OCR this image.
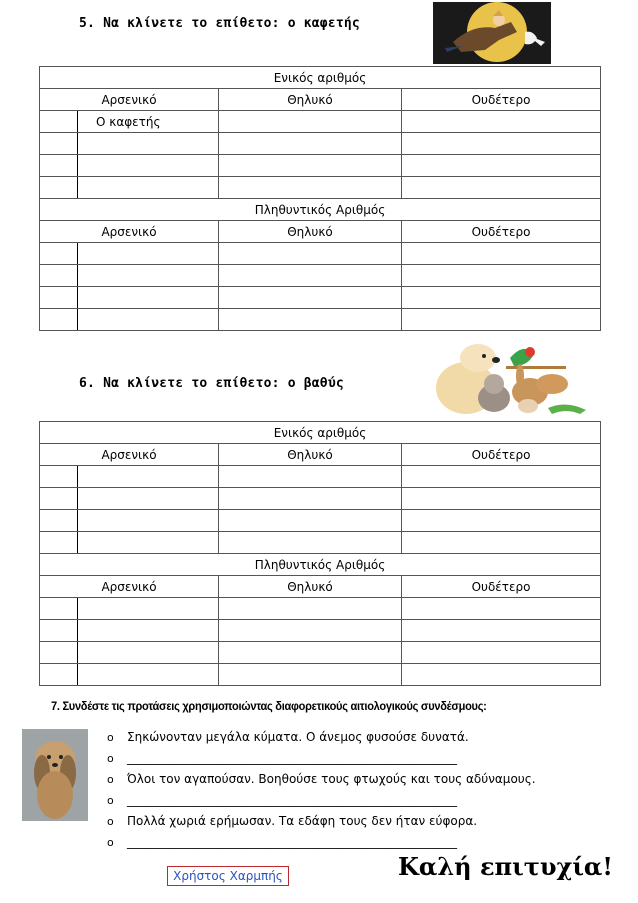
5. Να κλίνετε το επίθετο: ο καφετής
Ενικός αριθμός			
Αρσενικό		Θηλυκό	Ουδέτερο
	Ο καφετής		

Πληθυντικός Αριθμός			
Αρσενικό		Θηλυκό	Ουδέτερο

6. Να κλίνετε το επίθετο: ο βαθύς
Ενικός αριθμός			
Αρσενικό		Θηλυκό	Ουδέτερο

Πληθυντικός Αριθμός			
Αρσενικό		Θηλυκό	Ουδέτερο

7. Συνδέστε τις προτάσεις χρησιμοποιώντας διαφορετικούς αιτιολογικούς συνδέσμους:
o Σηκώνονταν μεγάλα κύματα. Ο άνεμος φυσούσε δυνατά.
o _______________________________________________________
o Όλοι τον αγαπούσαν. Βοηθούσε τους φτωχούς και τους αδύναμους.
o _______________________________________________________
o Πολλά χωριά ερήμωσαν. Τα εδάφη τους δεν ήταν εύφορα.
o _______________________________________________________
Χρήστος Χαρμπής	Καλή επιτυχία!
